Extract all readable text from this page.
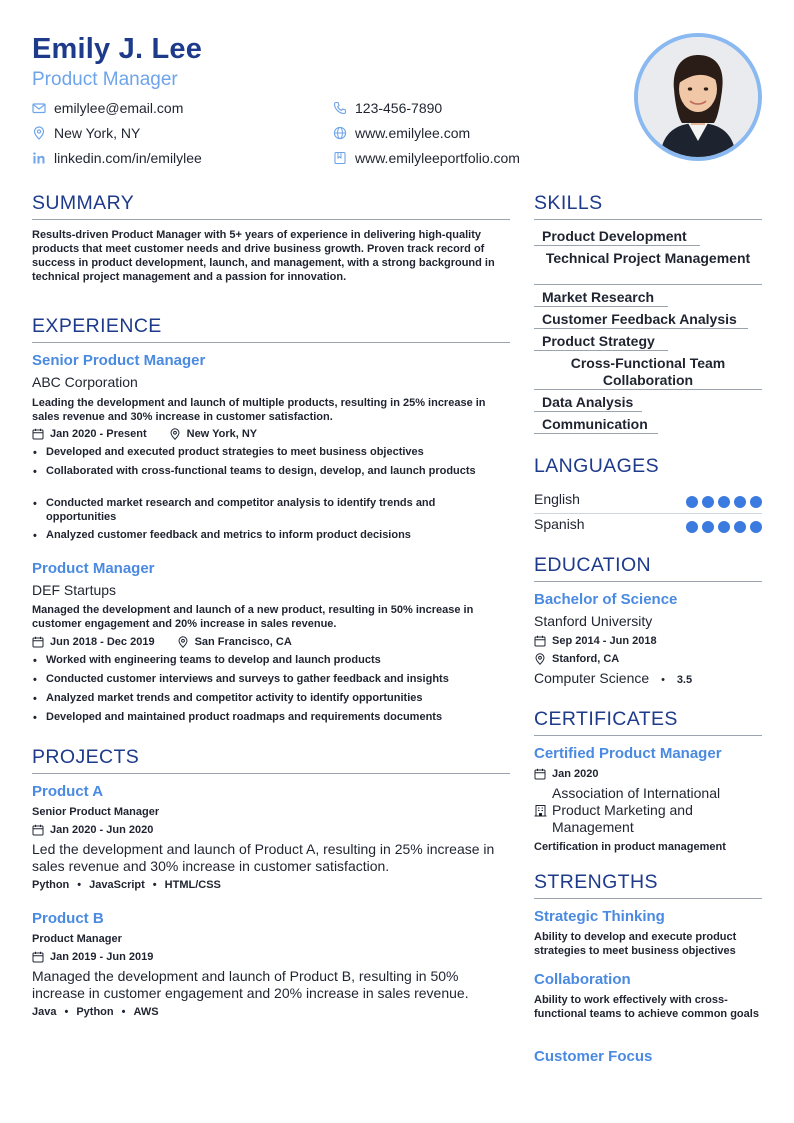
Emily J. Lee
Product Manager
emilylee@email.com	123-456-7890
New York, NY	www.emilylee.com
linkedin.com/in/emilylee	www.emilyleeportfolio.com
SUMMARY
Results-driven Product Manager with 5+ years of experience in delivering high-quality products that meet customer needs and drive business growth. Proven track record of success in product development, launch, and management, with a strong background in technical project management and a passion for innovation.
EXPERIENCE
Senior Product Manager
ABC Corporation
Leading the development and launch of multiple products, resulting in 25% increase in sales revenue and 30% increase in customer satisfaction.
Jan 2020 - Present	New York, NY
• Developed and executed product strategies to meet business objectives
• Collaborated with cross-functional teams to design, develop, and launch products
• Conducted market research and competitor analysis to identify trends and opportunities
• Analyzed customer feedback and metrics to inform product decisions
Product Manager
DEF Startups
Managed the development and launch of a new product, resulting in 50% increase in customer engagement and 20% increase in sales revenue.
Jun 2018 - Dec 2019	San Francisco, CA
• Worked with engineering teams to develop and launch products
• Conducted customer interviews and surveys to gather feedback and insights
• Analyzed market trends and competitor activity to identify opportunities
• Developed and maintained product roadmaps and requirements documents
PROJECTS
Product A
Senior Product Manager
Jan 2020 - Jun 2020
Led the development and launch of Product A, resulting in 25% increase in sales revenue and 30% increase in customer satisfaction.
Python • JavaScript • HTML/CSS
Product B
Product Manager
Jan 2019 - Jun 2019
Managed the development and launch of Product B, resulting in 50% increase in customer engagement and 20% increase in sales revenue.
Java • Python • AWS
SKILLS
Product Development
Technical Project Management
Market Research
Customer Feedback Analysis
Product Strategy
Cross-Functional Team Collaboration
Data Analysis
Communication
LANGUAGES
English
Spanish
EDUCATION
Bachelor of Science
Stanford University
Sep 2014 - Jun 2018
Stanford, CA
Computer Science • 3.5
CERTIFICATES
Certified Product Manager
Jan 2020
Association of International Product Marketing and Management
Certification in product management
STRENGTHS
Strategic Thinking
Ability to develop and execute product strategies to meet business objectives
Collaboration
Ability to work effectively with cross-functional teams to achieve common goals
Customer Focus
